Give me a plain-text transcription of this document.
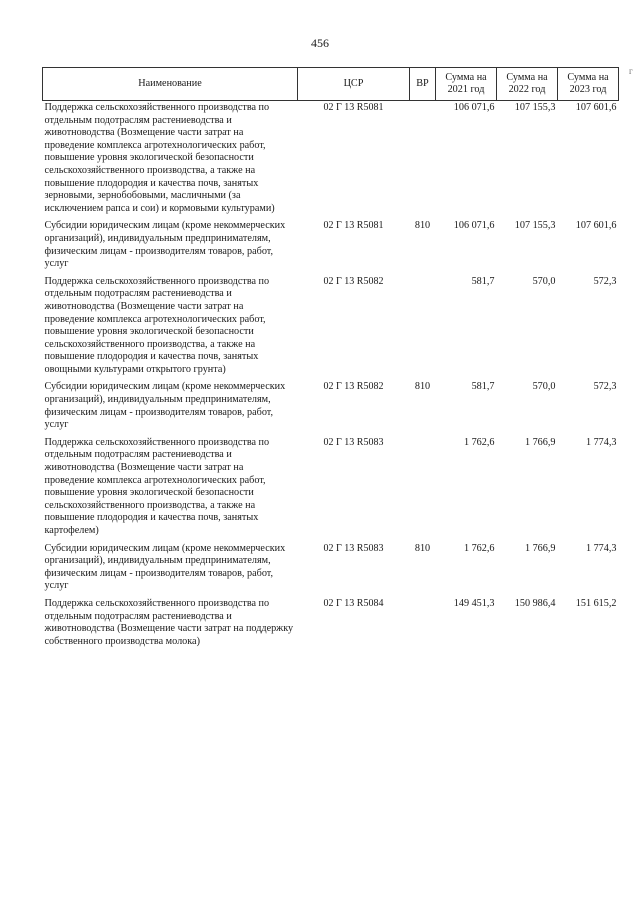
456
г
Наименование	ЦСР	ВР	Сумма на 2021 год	Сумма на 2022 год	Сумма на 2023 год
Поддержка сельскохозяйственного производства по отдельным подотраслям растениеводства и животноводства (Возмещение части затрат на проведение комплекса агротехнологических работ, повышение уровня экологической безопасности сельскохозяйственного производства, а также на повышение плодородия и качества почв, занятых зерновыми, зернобобовыми, масличными (за исключением рапса и сои) и кормовыми культурами)	02 Г 13 R5081		106 071,6	107 155,3	107 601,6
Субсидии юридическим лицам (кроме некоммерческих организаций), индивидуальным предпринимателям, физическим лицам - производителям товаров, работ, услуг	02 Г 13 R5081	810	106 071,6	107 155,3	107 601,6
Поддержка сельскохозяйственного производства по отдельным подотраслям растениеводства и животноводства (Возмещение части затрат на проведение комплекса агротехнологических работ, повышение уровня экологической безопасности сельскохозяйственного производства, а также на повышение плодородия и качества почв, занятых овощными культурами открытого грунта)	02 Г 13 R5082		581,7	570,0	572,3
Субсидии юридическим лицам (кроме некоммерческих организаций), индивидуальным предпринимателям, физическим лицам - производителям товаров, работ, услуг	02 Г 13 R5082	810	581,7	570,0	572,3
Поддержка сельскохозяйственного производства по отдельным подотраслям растениеводства и животноводства (Возмещение части затрат на проведение комплекса агротехнологических работ, повышение уровня экологической безопасности сельскохозяйственного производства, а также на повышение плодородия и качества почв, занятых картофелем)	02 Г 13 R5083		1 762,6	1 766,9	1 774,3
Субсидии юридическим лицам (кроме некоммерческих организаций), индивидуальным предпринимателям, физическим лицам - производителям товаров, работ, услуг	02 Г 13 R5083	810	1 762,6	1 766,9	1 774,3
Поддержка сельскохозяйственного производства по отдельным подотраслям растениеводства и животноводства (Возмещение части затрат на поддержку собственного производства молока)	02 Г 13 R5084		149 451,3	150 986,4	151 615,2
